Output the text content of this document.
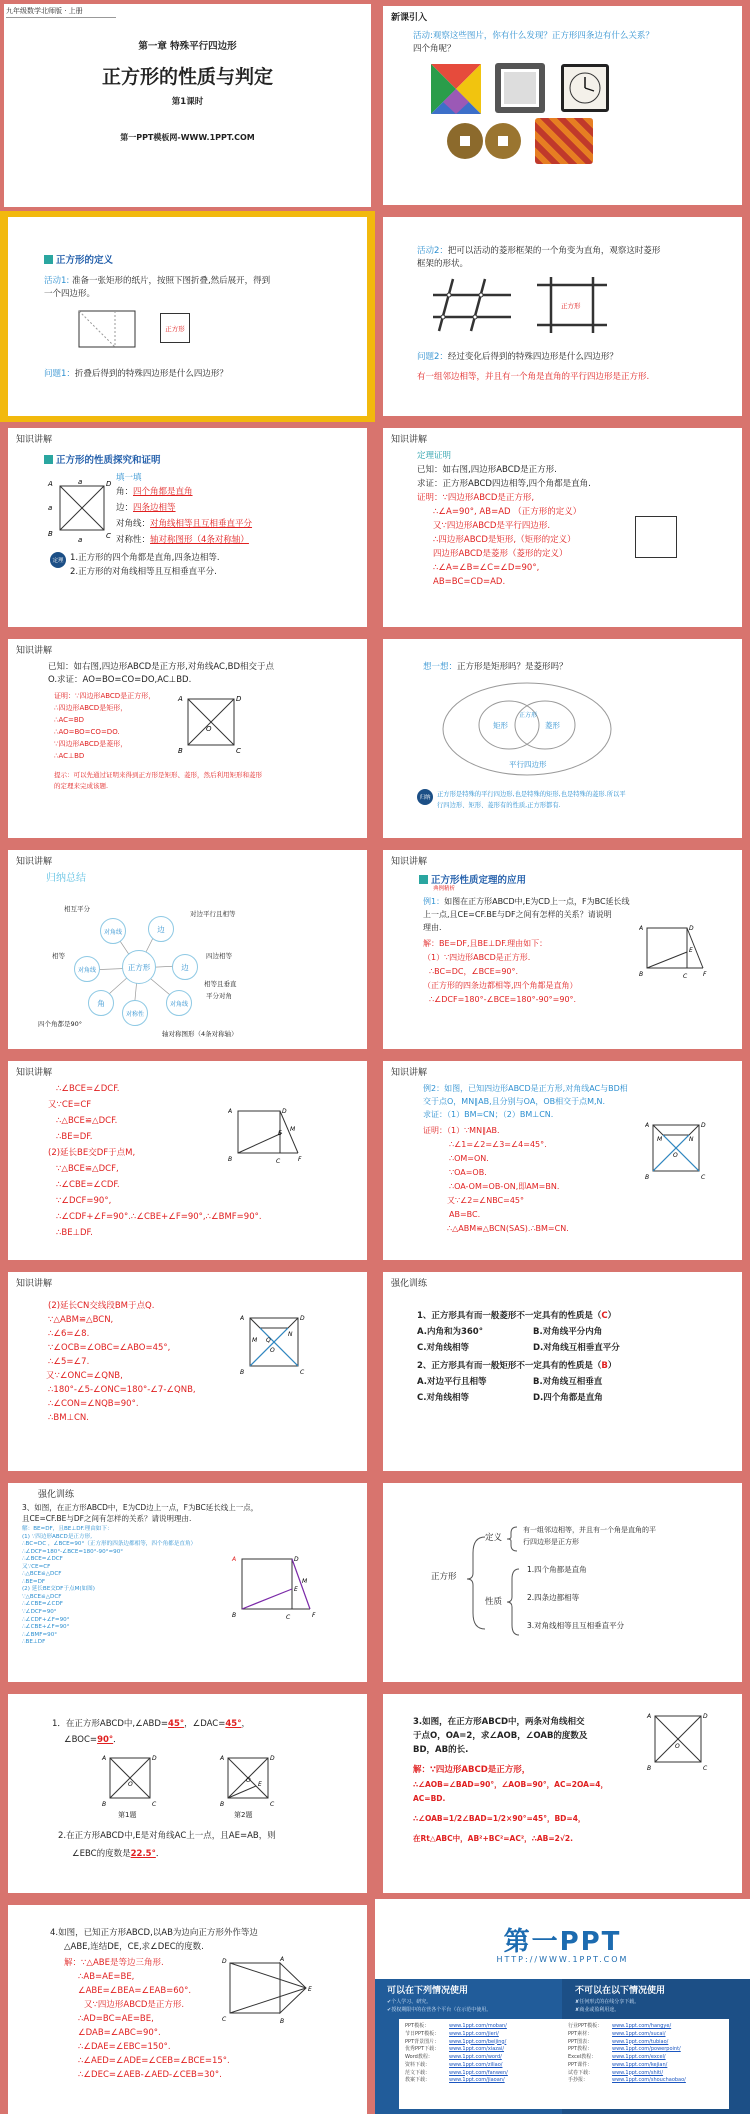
九年级数学北师版 · 上册
第一章 特殊平行四边形
正方形的性质与判定
第1课时
第一PPT模板网-WWW.1PPT.COM
新课引入
活动:观察这些图片，你有什么发现？正方形四条边有什么关系？
四个角呢？
正方形的定义
活动1: 准备一张矩形的纸片，按照下图折叠,然后展开，得到
一个四边形。
正方形
问题1：折叠后得到的特殊四边形是什么四边形？
活动2：把可以活动的菱形框架的一个角变为直角，观察这时菱形
框架的形状。
正方形
问题2：经过变化后得到的特殊四边形是什么四边形？
有一组邻边相等，并且有一个角是直角的平行四边形是正方形.
知识讲解
正方形的性质探究和证明
A
B	C
D
a
a
a	填一填
角：四个角都是直角
边：四条边相等
对角线：对角线相等且互相垂直平分
对称性：轴对称图形（4条对称轴）
定理 1.正方形的四个角都是直角,四条边相等.
2.正方形的对角线相等且互相垂直平分.
知识讲解
定理证明
已知：如右图,四边形ABCD是正方形.
求证：正方形ABCD四边相等,四个角都是直角.
证明：∵四边形ABCD是正方形,
∴∠A=90°, AB=AD （正方形的定义）
又∵四边形ABCD是平行四边形.
∴四边形ABCD是矩形,（矩形的定义）
四边形ABCD是菱形（菱形的定义）
∴∠A=∠B=∠C=∠D=90°,
AB=BC=CD=AD.
知识讲解
已知：如右图,四边形ABCD是正方形,对角线AC,BD相交于点
O.求证：AO=BO=CO=DO,AC⊥BD.
证明：∵四边形ABCD是正方形，
∴四边形ABCD是矩形，
∴AC=BD
∴AO=BO=CO=DO.
∵四边形ABCD是菱形，
∴AC⊥BD
A
B	C
D
O
提示：可以先通过证明来得到正方形是矩形、菱形，然后利用矩形和菱形
的定理来完成该题.
想一想：正方形是矩形吗？是菱形吗？
矩形	菱形
正方形
平行四边形
归纳	正方形是特殊的平行四边形,也是特殊的矩形,也是特殊的菱形.所以平
行四边形、矩形、菱形有的性质,正方形都有.
知识讲解
归纳总结
正方形
对角线	边
边
对角线
对称性
角
对角线
相互平分
对边平行且相等
相等	四边相等
相等且垂直
平分对角
四个角都是90°
轴对称图形（4条对称轴）
知识讲解
正方形性质定理的应用
典例精析
例1：如图在正方形ABCD中,E为CD上一点，F为BC延长线
上一点,且CE=CF.BE与DF之间有怎样的关系？请说明
理由.
解：BE=DF,且BE⊥DF.理由如下：
（1）∵四边形ABCD是正方形.
∴BC=DC，∠BCE=90°.
（正方形的四条边都相等,四个角都是直角）
∴∠DCF=180°-∠BCE=180°-90°=90°.
A
B	C
D
E
F
知识讲解
∴∠BCE=∠DCF.
又∵CE=CF
∴△BCE≌△DCF.
∴BE=DF.
(2)延长BE交DF于点M,
∵△BCE≌△DCF,
∴∠CBE=∠CDF.
∵∠DCF=90°,
∴∠CDF+∠F=90°.∴∠CBE+∠F=90°,∴∠BMF=90°.
∴BE⊥DF.
A
B	C
D
E
F
M
知识讲解
例2：如图，已知四边形ABCD是正方形,对角线AC与BD相
交于点O，MN∥AB,且分别与OA，OB相交于点M,N.
求证：（1）BM=CN；（2）BM⊥CN.
证明：（1）∵MN∥AB.
∴∠1=∠2=∠3=∠4=45°.
∴OM=ON.
∵OA=OB.
∴OA-OM=OB-ON,即AM=BN.
又∵∠2=∠NBC=45°
AB=BC.
∴△ABM≌△BCN(SAS).∴BM=CN.
A
B	C
D
O
M	N
知识讲解
(2)延长CN交线段BM于点Q.
∵△ABM≌△BCN,
∴∠6=∠8.
∵∠OCB=∠OBC=∠ABO=45°,
∴∠5=∠7.
又∵∠ONC=∠QNB,
∴180°-∠5-∠ONC=180°-∠7-∠QNB,
∴∠CON=∠NQB=90°.
∴BM⊥CN.
A
B	C
D
O
M
N
Q
强化训练
1、正方形具有而一般菱形不一定具有的性质是（C）
A.内角和为360°	B.对角线平分内角
C.对角线相等	D.对角线互相垂直平分
2、正方形具有而一般矩形不一定具有的性质是（B）
A.对边平行且相等	B.对角线互相垂直
C.对角线相等	D.四个角都是直角
强化训练
3、如图，在正方形ABCD中，E为CD边上一点，F为BC延长线上一点，
且CE=CF.BE与DF之间有怎样的关系？请说明理由.
解：BE=DF，且BE⊥DF.理由如下：
(1) ∵四边形ABCD是正方形,
∴BC=DC ，∠BCE=90°（正方形的四条边都相等，四个角都是直角）
∴∠DCF=180°-∠BCE=180°-90°=90°
∴∠BCE=∠DCF
又∵CE=CF
∴△BCE≌△DCF
∴BE=DF
(2) 延长BE交DF于点M(如图)
∵△BCE≌△DCF
∴∠CBE=∠CDF
∵∠DCF=90°
∴∠CDF+∠F=90°
∴∠CBE+∠F=90°
∴∠BMF=90°
∴BE⊥DF
A
B	C
D
E
F
M	正方形
定义
性质
有一组邻边相等，并且有一个角是直角的平
行四边形是正方形
1.四个角都是直角
2.四条边都相等
3.对角线相等且互相垂直平分
1．在正方形ABCD中,∠ABD=45°，∠DAC=45°，
∠BOC=90°．
A
B	C
D
O
A
B	C
D
O
E
第1题	第2题
2.在正方形ABCD中,E是对角线AC上一点，且AE=AB，则
∠EBC的度数是22.5°．
3.如图，在正方形ABCD中，两条对角线相交
于点O，OA=2，求∠AOB，∠OAB的度数及
BD，AB的长.
解：∵四边形ABCD是正方形，
∴∠AOB=∠BAD=90°，∠AOB=90°，AC=2OA=4，
AC=BD.
∴∠OAB=1/2∠BAD=1/2×90°=45°，BD=4，
在Rt△ABC中，AB²+BC²=AC²，∴AB=2√2.
A
B	C
D
O
4.如图，已知正方形ABCD,以AB为边向正方形外作等边
△ABE,连结DE，CE,求∠DEC的度数.
解：∵△ABE是等边三角形.
∴AB=AE=BE,
∠ABE=∠BEA=∠EAB=60°.
又∵四边形ABCD是正方形.
∴AD=BC=AE=BE,
∠DAB=∠ABC=90°.
∴∠DAE=∠EBC=150°.
∴∠AED=∠ADE=∠CEB=∠BCE=15°.
∴∠DEC=∠AEB-∠AED-∠CEB=30°.
D
C
A
B
E
第一PPT
HTTP://WWW.1PPT.COM
可以在下列情况使用	不可以在以下情况使用
✔个人学习、研究。
✔授权期限中的在营各个平台（在示范中使用。
✘任何形式的在线分享下载。
✘商业或盈利用途。
PPT模板：	www.1ppt.com/moban/	行业PPT模板： www.1ppt.com/hangye/
节日PPT模板： www.1ppt.com/jieri/	PPT素材：	www.1ppt.com/sucai/
PPT背景图片： www.1ppt.com/beijing/	PPT图表：	www.1ppt.com/tubiao/
优秀PPT下载： www.1ppt.com/xiazai/	PPT教程：	www.1ppt.com/powerpoint/
Word教程：	www.1ppt.com/word/	Excel教程：	www.1ppt.com/excel/
资料下载：	www.1ppt.com/ziliao/	PPT课件：	www.1ppt.com/kejian/
范文下载：	www.1ppt.com/fanwen/	试卷下载：	www.1ppt.com/shiti/
教案下载：	www.1ppt.com/jiaoan/	手抄报：	www.1ppt.com/shouchaobao/
